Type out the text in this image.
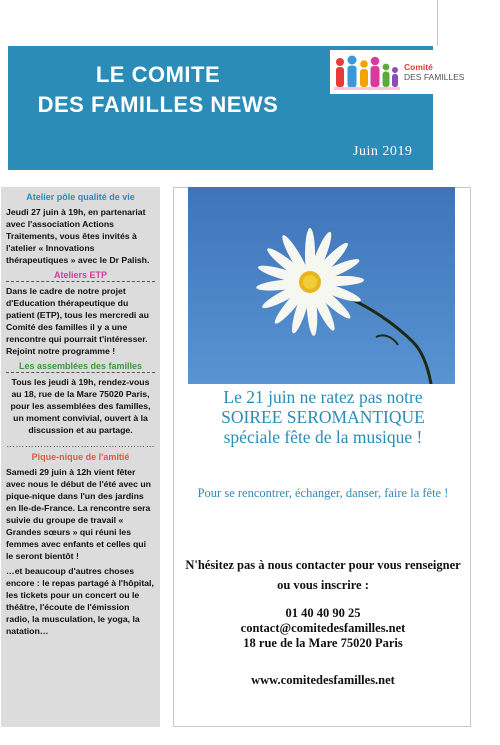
LE COMITE
DES FAMILLES NEWS
Comité
DES FAMILLES
Juin 2019

Atelier pôle qualité de vie

Jeudi 27 juin à 19h, en partenariat avec l'association Actions Traitements, vous êtes invités à l'atelier « Innovations thérapeutiques » avec le Dr Palish.

Ateliers ETP

Dans le cadre de notre projet d'Education thérapeutique du patient (ETP), tous les mercredi au Comité des familles il y a une rencontre qui pourrait t'intéresser. Rejoint notre programme !

Les assemblées des familles

Tous les jeudi à 19h, rendez-vous au 18, rue de la Mare 75020 Paris, pour les assemblées des familles, un moment convivial, ouvert à la discussion et au partage.

…………………………………………

Pique-nique de l'amitié

Samedi 29 juin à 12h vient fêter avec nous le début de l'été avec un pique-nique dans l'un des jardins en Ile-de-France. La rencontre sera suivie du groupe de travail « Grandes sœurs » qui réuni les femmes avec enfants et celles qui le seront bientôt !

…et beaucoup d'autres choses encore : le repas partagé à l'hôpital, les tickets pour un concert ou le théâtre, l'écoute de l'émission radio, la musculation, le yoga, la natation…

Le 21 juin ne ratez pas notre
SOIREE SEROMANTIQUE
spéciale fête de la musique !
Pour se rencontrer, échanger, danser, faire la fête !
N'hésitez pas à nous contacter pour vous renseigner ou vous inscrire :
01 40 40 90 25
contact@comitedesfamilles.net
18 rue de la Mare 75020 Paris
www.comitedesfamilles.net
